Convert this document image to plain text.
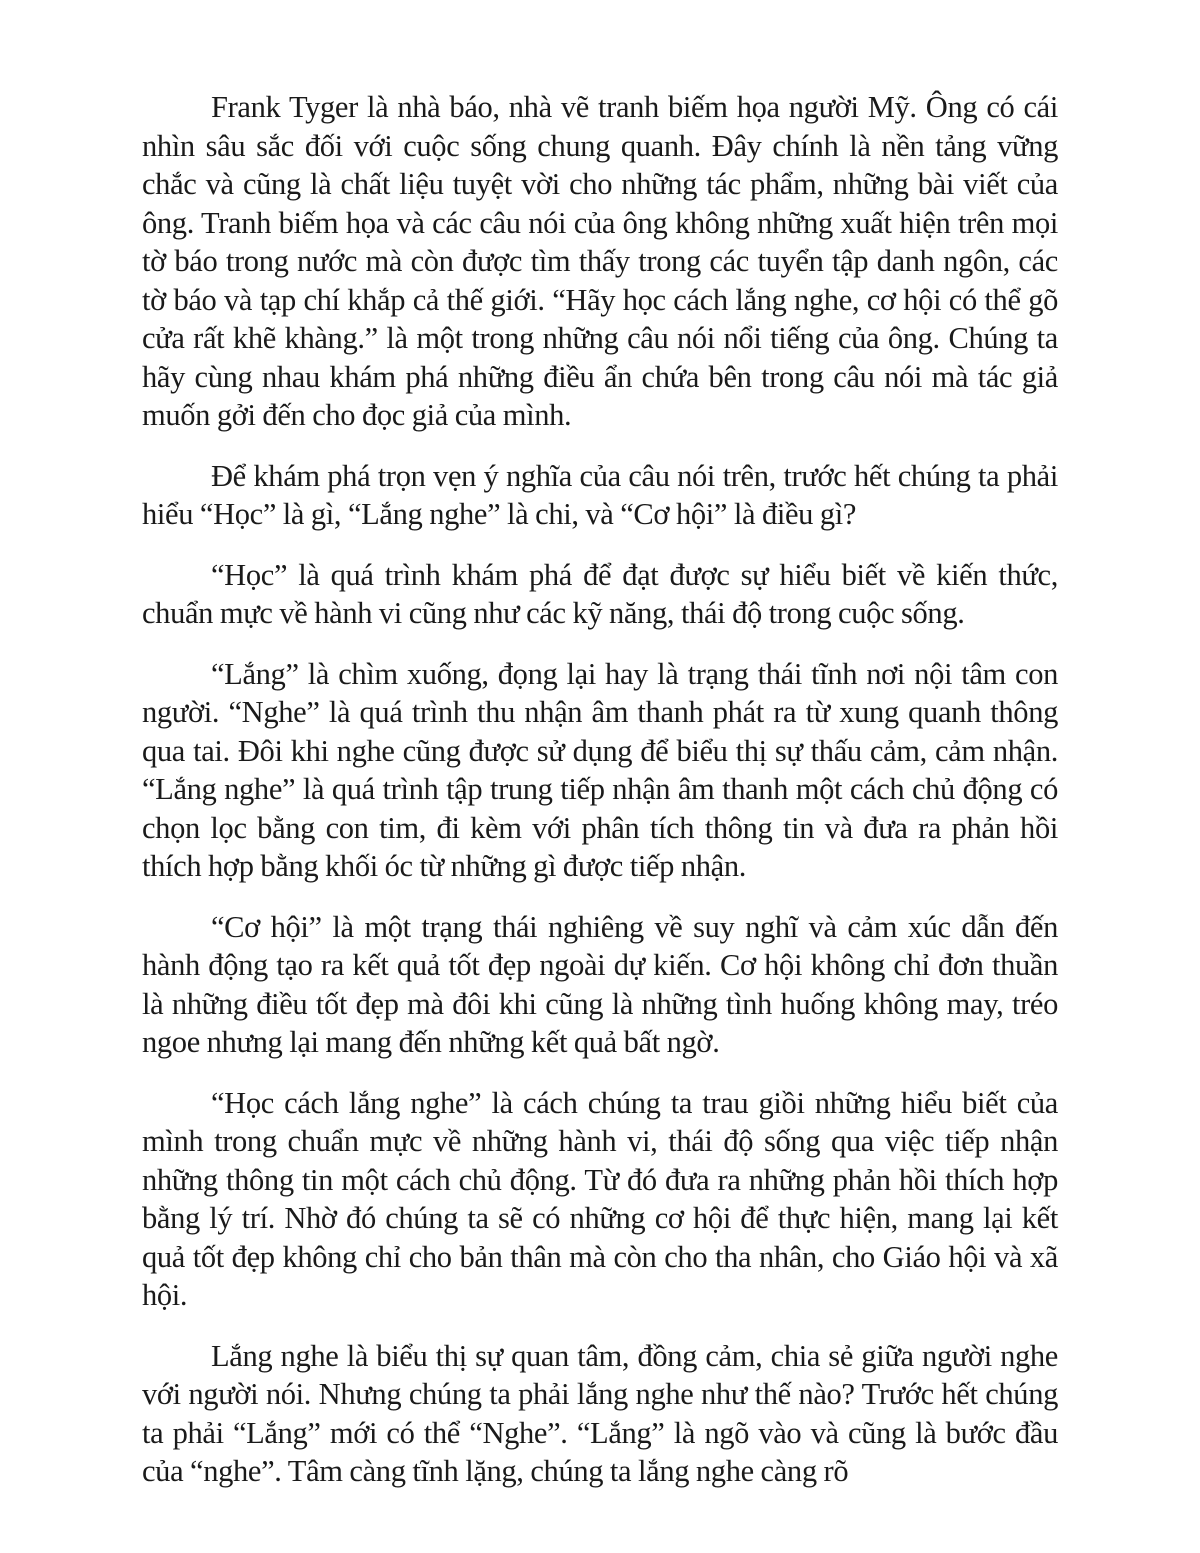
Frank Tyger là nhà báo, nhà vẽ tranh biếm họa người Mỹ. Ông có cái nhìn sâu sắc đối với cuộc sống chung quanh. Đây chính là nền tảng vững chắc và cũng là chất liệu tuyệt vời cho những tác phẩm, những bài viết của ông. Tranh biếm họa và các câu nói của ông không những xuất hiện trên mọi tờ báo trong nước mà còn được tìm thấy trong các tuyển tập danh ngôn, các tờ báo và tạp chí khắp cả thế giới. “Hãy học cách lắng nghe, cơ hội có thể gõ cửa rất khẽ khàng.” là một trong những câu nói nổi tiếng của ông. Chúng ta hãy cùng nhau khám phá những điều ẩn chứa bên trong câu nói mà tác giả muốn gởi đến cho đọc giả của mình.

Để khám phá trọn vẹn ý nghĩa của câu nói trên, trước hết chúng ta phải hiểu “Học” là gì, “Lắng nghe” là chi, và “Cơ hội” là điều gì?

“Học” là quá trình khám phá để đạt được sự hiểu biết về kiến thức, chuẩn mực về hành vi cũng như các kỹ năng, thái độ trong cuộc sống.

“Lắng” là chìm xuống, đọng lại hay là trạng thái tĩnh nơi nội tâm con người. “Nghe” là quá trình thu nhận âm thanh phát ra từ xung quanh thông qua tai. Đôi khi nghe cũng được sử dụng để biểu thị sự thấu cảm, cảm nhận. “Lắng nghe” là quá trình tập trung tiếp nhận âm thanh một cách chủ động có chọn lọc bằng con tim, đi kèm với phân tích thông tin và đưa ra phản hồi thích hợp bằng khối óc từ những gì được tiếp nhận.

“Cơ hội” là một trạng thái nghiêng về suy nghĩ và cảm xúc dẫn đến hành động tạo ra kết quả tốt đẹp ngoài dự kiến. Cơ hội không chỉ đơn thuần là những điều tốt đẹp mà đôi khi cũng là những tình huống không may, tréo ngoe nhưng lại mang đến những kết quả bất ngờ.

“Học cách lắng nghe” là cách chúng ta trau giồi những hiểu biết của mình trong chuẩn mực về những hành vi, thái độ sống qua việc tiếp nhận những thông tin một cách chủ động. Từ đó đưa ra những phản hồi thích hợp bằng lý trí. Nhờ đó chúng ta sẽ có những cơ hội để thực hiện, mang lại kết quả tốt đẹp không chỉ cho bản thân mà còn cho tha nhân, cho Giáo hội và xã hội.

Lắng nghe là biểu thị sự quan tâm, đồng cảm, chia sẻ giữa người nghe với người nói. Nhưng chúng ta phải lắng nghe như thế nào? Trước hết chúng ta phải “Lắng” mới có thể “Nghe”. “Lắng” là ngõ vào và cũng là bước đầu của “nghe”. Tâm càng tĩnh lặng, chúng ta lắng nghe càng rõ
